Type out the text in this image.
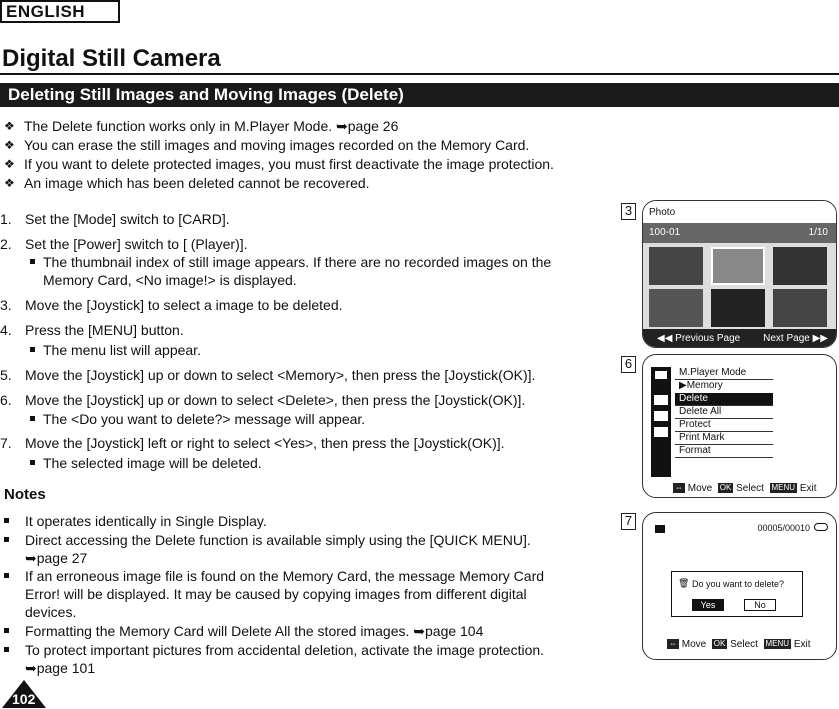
ENGLISH
Digital Still Camera
Deleting Still Images and Moving Images (Delete)
❖ The Delete function works only in M.Player Mode. ➥page 26
❖ You can erase the still images and moving images recorded on the Memory Card.
❖ If you want to delete protected images, you must first deactivate the image protection.
❖ An image which has been deleted cannot be recovered.
1. Set the [Mode] switch to [CARD].
2. Set the [Power] switch to [ (Player)].
The thumbnail index of still image appears. If there are no recorded images on the
Memory Card, <No image!> is displayed.
3. Move the [Joystick] to select a image to be deleted.
4. Press the [MENU] button.
The menu list will appear.
5. Move the [Joystick] up or down to select <Memory>, then press the [Joystick(OK)].
6. Move the [Joystick] up or down to select <Delete>, then press the [Joystick(OK)].
The <Do you want to delete?> message will appear.
7. Move the [Joystick] left or right to select <Yes>, then press the [Joystick(OK)].
The selected image will be deleted.
Notes
It operates identically in Single Display.
Direct accessing the Delete function is available simply using the [QUICK MENU].
➥page 27
If an erroneous image file is found on the Memory Card, the message Memory Card
Error! will be displayed. It may be caused by copying images from different digital
devices.
Formatting the Memory Card will Delete All the stored images. ➥page 104
To protect important pictures from accidental deletion, activate the image protection.
➥page 101
102
3	Photo
100-01	1/10
◀◀ Previous Page Next Page ▶▶
6
M.Player Mode
▶Memory
Delete
Delete All
Protect
Print Mark
Format
⇔ Move OK Select MENU Exit
7	00005/00010
🗑 Do you want to delete?
Yes	No
⇔ Move OK Select MENU Exit
